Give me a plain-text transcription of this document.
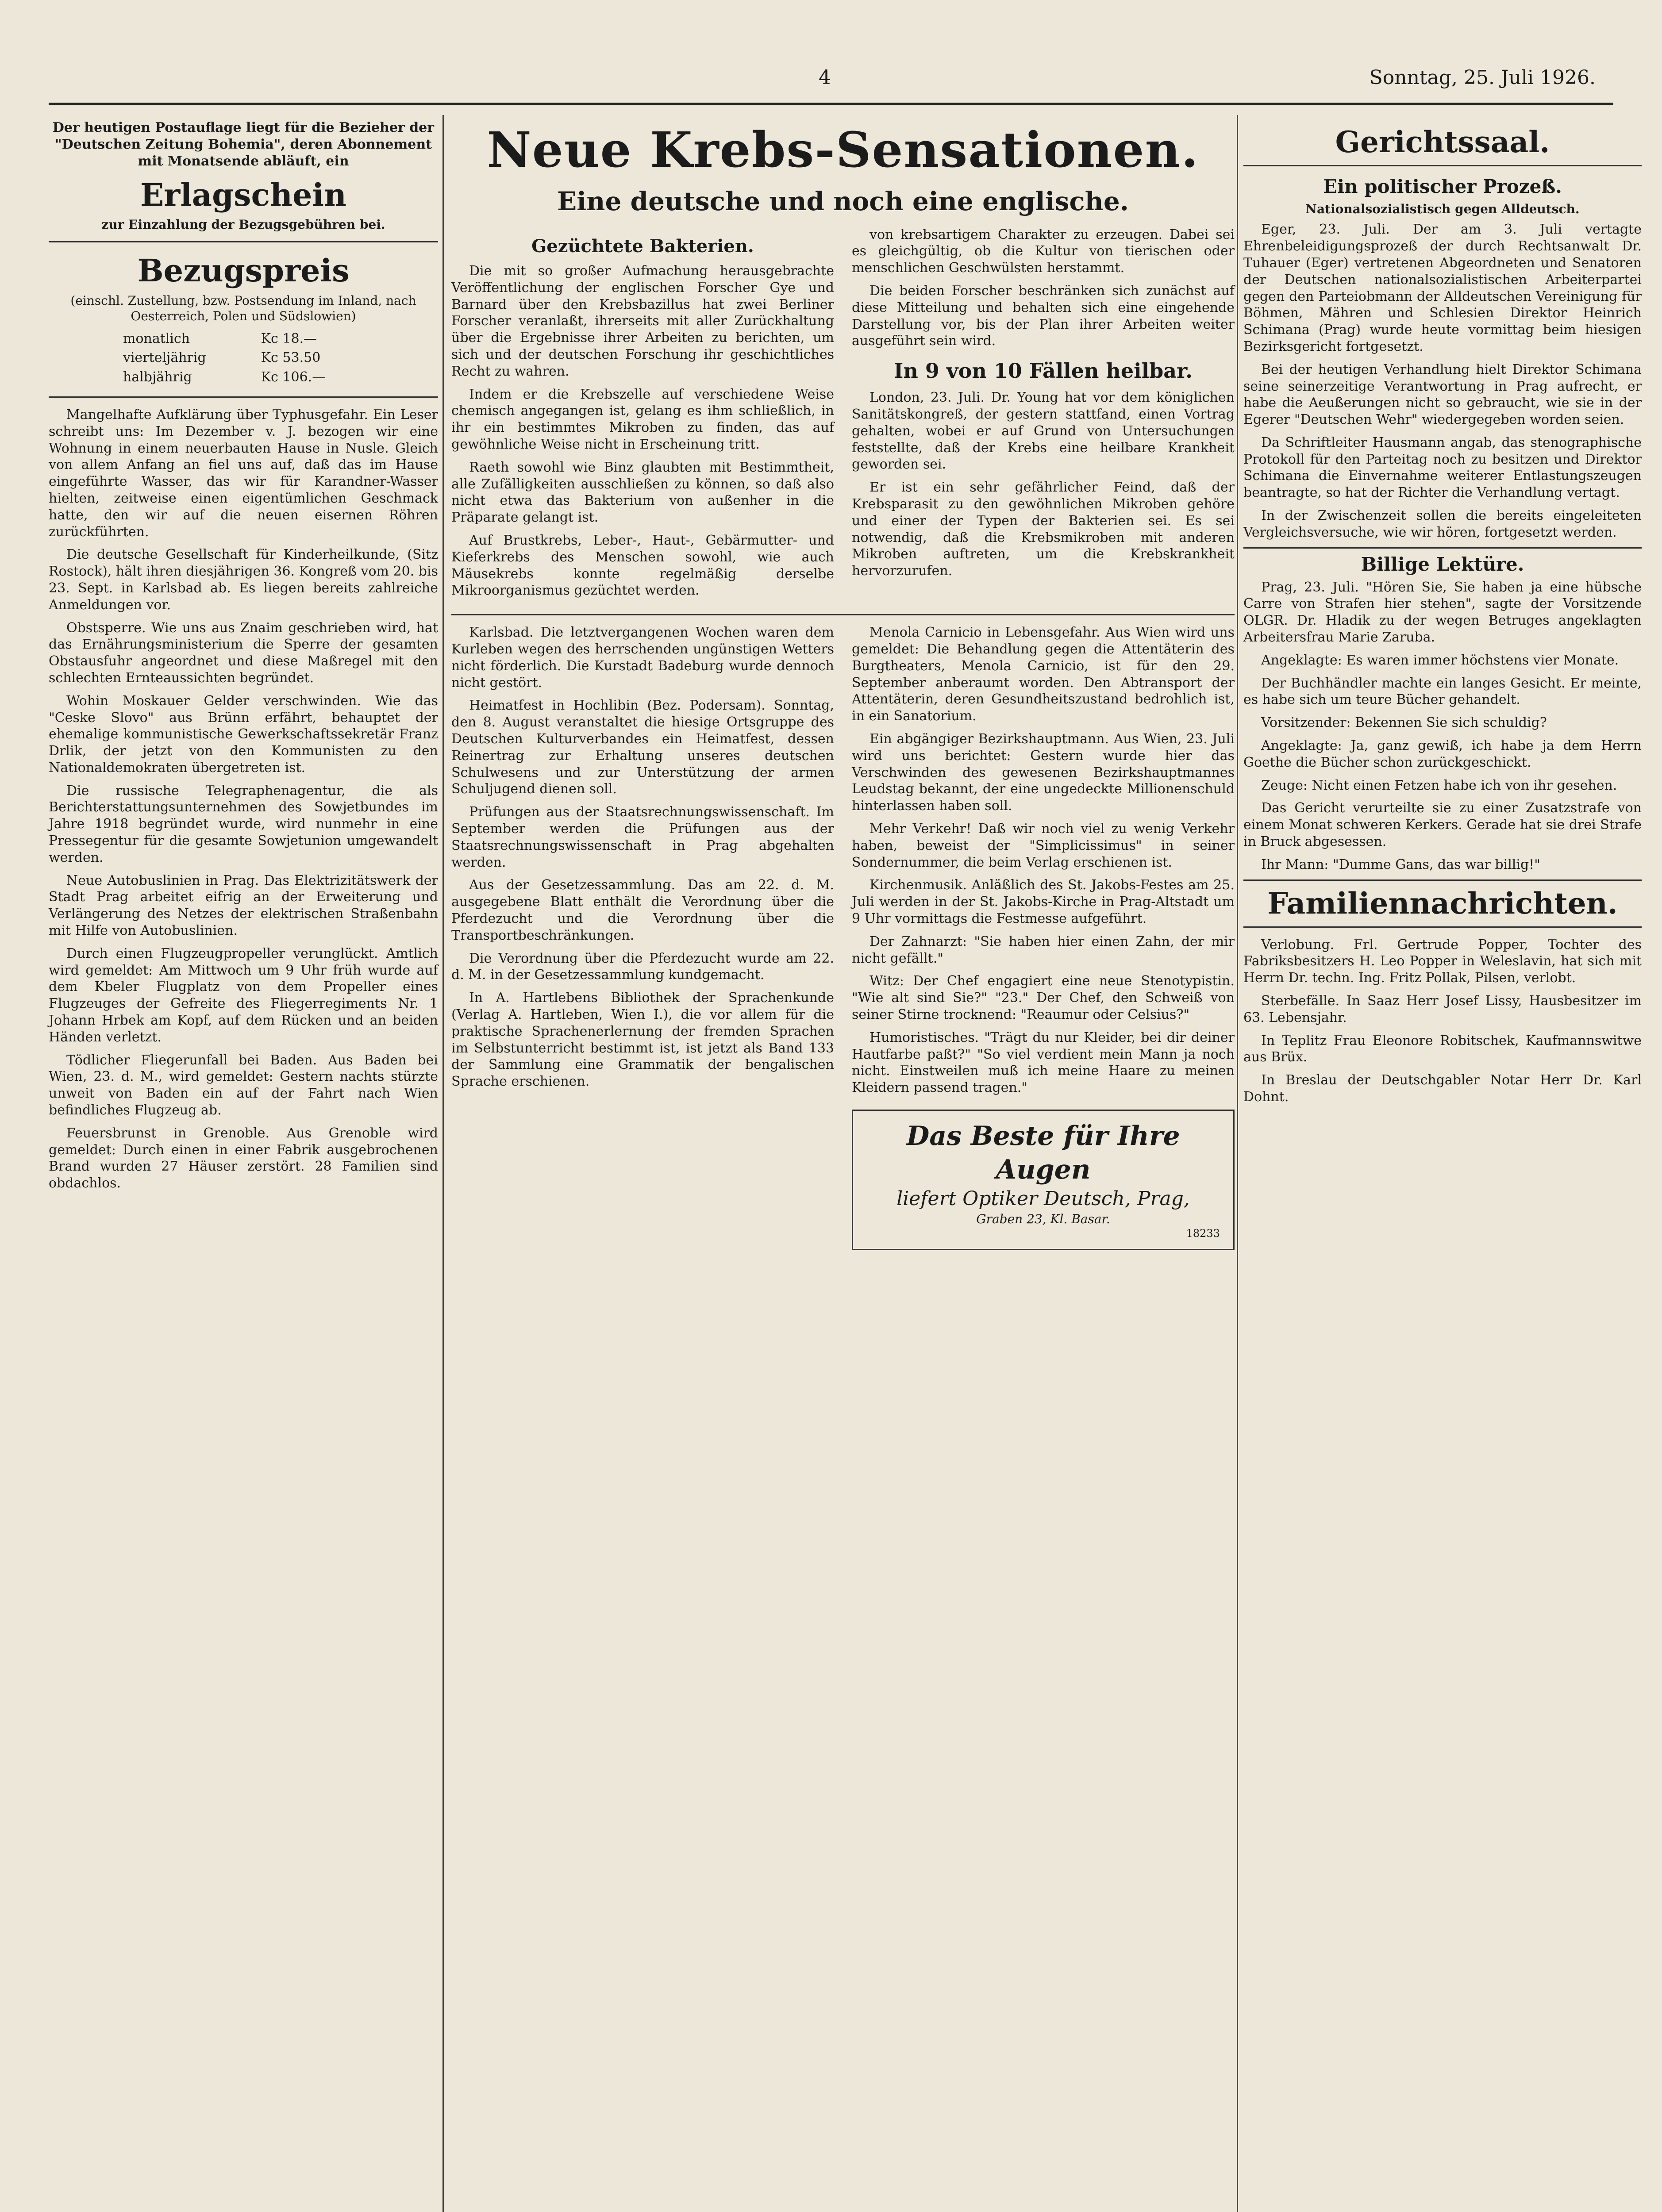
4	Sonntag, 25. Juli 1926.
Der heutigen Postauflage liegt für die Bezieher der "Deutschen Zeitung Bohemia", deren Abonnement mit Monatsende abläuft, ein
Erlagschein
zur Einzahlung der Bezugsgebühren bei.
Bezugspreis
(einschl. Zustellung, bzw. Postsendung im Inland, nach Oesterreich, Polen und Südslowien)
monatlich	Kc 18.—
vierteljährig	Kc 53.50
halbjährig	Kc 106.—

Mangelhafte Aufklärung über Typhusgefahr. Ein Leser schreibt uns: Im Dezember v. J. bezogen wir eine Wohnung in einem neuerbauten Hause in Nusle. Gleich von allem Anfang an fiel uns auf, daß das im Hause eingeführte Wasser, das wir für Karandner-Wasser hielten, zeitweise einen eigentümlichen Geschmack hatte, den wir auf die neuen eisernen Röhren zurückführten.

Die deutsche Gesellschaft für Kinderheilkunde, (Sitz Rostock), hält ihren diesjährigen 36. Kongreß vom 20. bis 23. Sept. in Karlsbad ab. Es liegen bereits zahlreiche Anmeldungen vor.

Obstsperre. Wie uns aus Znaim geschrieben wird, hat das Ernährungsministerium die Sperre der gesamten Obstausfuhr angeordnet und diese Maßregel mit den schlechten Ernteaussichten begründet.

Wohin Moskauer Gelder verschwinden. Wie das "Ceske Slovo" aus Brünn erfährt, behauptet der ehemalige kommunistische Gewerkschaftssekretär Franz Drlik, der jetzt von den Kommunisten zu den Nationaldemokraten übergetreten ist.

Die russische Telegraphenagentur, die als Berichterstattungsunternehmen des Sowjetbundes im Jahre 1918 begründet wurde, wird nunmehr in eine Pressegentur für die gesamte Sowjetunion umgewandelt werden.

Neue Autobuslinien in Prag. Das Elektrizitätswerk der Stadt Prag arbeitet eifrig an der Erweiterung und Verlängerung des Netzes der elektrischen Straßenbahn mit Hilfe von Autobuslinien.

Durch einen Flugzeugpropeller verunglückt. Amtlich wird gemeldet: Am Mittwoch um 9 Uhr früh wurde auf dem Kbeler Flugplatz von dem Propeller eines Flugzeuges der Gefreite des Fliegerregiments Nr. 1 Johann Hrbek am Kopf, auf dem Rücken und an beiden Händen verletzt.

Tödlicher Fliegerunfall bei Baden. Aus Baden bei Wien, 23. d. M., wird gemeldet: Gestern nachts stürzte unweit von Baden ein auf der Fahrt nach Wien befindliches Flugzeug ab.

Feuersbrunst in Grenoble. Aus Grenoble wird gemeldet: Durch einen in einer Fabrik ausgebrochenen Brand wurden 27 Häuser zerstört. 28 Familien sind obdachlos.

Neue Krebs-Sensationen.
Eine deutsche und noch eine englische.
Gezüchtete Bakterien.

Die mit so großer Aufmachung herausgebrachte Veröffentlichung der englischen Forscher Gye und Barnard über den Krebsbazillus hat zwei Berliner Forscher veranlaßt, ihrerseits mit aller Zurückhaltung über die Ergebnisse ihrer Arbeiten zu berichten, um sich und der deutschen Forschung ihr geschichtliches Recht zu wahren.

Indem er die Krebszelle auf verschiedene Weise chemisch angegangen ist, gelang es ihm schließlich, in ihr ein bestimmtes Mikroben zu finden, das auf gewöhnliche Weise nicht in Erscheinung tritt.

Raeth sowohl wie Binz glaubten mit Bestimmtheit, alle Zufälligkeiten ausschließen zu können, so daß also nicht etwa das Bakterium von außenher in die Präparate gelangt ist.

Auf Brustkrebs, Leber-, Haut-, Gebärmutter- und Kieferkrebs des Menschen sowohl, wie auch Mäusekrebs konnte regelmäßig derselbe Mikroorganismus gezüchtet werden.

von krebsartigem Charakter zu erzeugen. Dabei sei es gleichgültig, ob die Kultur von tierischen oder menschlichen Geschwülsten herstammt.

Die beiden Forscher beschränken sich zunächst auf diese Mitteilung und behalten sich eine eingehende Darstellung vor, bis der Plan ihrer Arbeiten weiter ausgeführt sein wird.

In 9 von 10 Fällen heilbar.

London, 23. Juli. Dr. Young hat vor dem königlichen Sanitätskongreß, der gestern stattfand, einen Vortrag gehalten, wobei er auf Grund von Untersuchungen feststellte, daß der Krebs eine heilbare Krankheit geworden sei.

Er ist ein sehr gefährlicher Feind, daß der Krebsparasit zu den gewöhnlichen Mikroben gehöre und einer der Typen der Bakterien sei. Es sei notwendig, daß die Krebsmikroben mit anderen Mikroben auftreten, um die Krebskrankheit hervorzurufen.

Karlsbad. Die letztvergangenen Wochen waren dem Kurleben wegen des herrschenden ungünstigen Wetters nicht förderlich. Die Kurstadt Badeburg wurde dennoch nicht gestört.

Heimatfest in Hochlibin (Bez. Podersam). Sonntag, den 8. August veranstaltet die hiesige Ortsgruppe des Deutschen Kulturverbandes ein Heimatfest, dessen Reinertrag zur Erhaltung unseres deutschen Schulwesens und zur Unterstützung der armen Schuljugend dienen soll.

Prüfungen aus der Staatsrechnungswissenschaft. Im September werden die Prüfungen aus der Staatsrechnungswissenschaft in Prag abgehalten werden.

Aus der Gesetzessammlung. Das am 22. d. M. ausgegebene Blatt enthält die Verordnung über die Pferdezucht und die Verordnung über die Transportbeschränkungen.

Die Verordnung über die Pferdezucht wurde am 22. d. M. in der Gesetzessammlung kundgemacht.

In A. Hartlebens Bibliothek der Sprachenkunde (Verlag A. Hartleben, Wien I.), die vor allem für die praktische Sprachenerlernung der fremden Sprachen im Selbstunterricht bestimmt ist, ist jetzt als Band 133 der Sammlung eine Grammatik der bengalischen Sprache erschienen.

Menola Carnicio in Lebensgefahr. Aus Wien wird uns gemeldet: Die Behandlung gegen die Attentäterin des Burgtheaters, Menola Carnicio, ist für den 29. September anberaumt worden. Den Abtransport der Attentäterin, deren Gesundheitszustand bedrohlich ist, in ein Sanatorium.

Ein abgängiger Bezirkshauptmann. Aus Wien, 23. Juli wird uns berichtet: Gestern wurde hier das Verschwinden des gewesenen Bezirkshauptmannes Leudstag bekannt, der eine ungedeckte Millionenschuld hinterlassen haben soll.

Mehr Verkehr! Daß wir noch viel zu wenig Verkehr haben, beweist der "Simplicissimus" in seiner Sondernummer, die beim Verlag erschienen ist.

Kirchenmusik. Anläßlich des St. Jakobs-Festes am 25. Juli werden in der St. Jakobs-Kirche in Prag-Altstadt um 9 Uhr vormittags die Festmesse aufgeführt.

Der Zahnarzt: "Sie haben hier einen Zahn, der mir nicht gefällt."

Witz: Der Chef engagiert eine neue Stenotypistin. "Wie alt sind Sie?" "23." Der Chef, den Schweiß von seiner Stirne trocknend: "Reaumur oder Celsius?"

Humoristisches. "Trägt du nur Kleider, bei dir deiner Hautfarbe paßt?" "So viel verdient mein Mann ja noch nicht. Einstweilen muß ich meine Haare zu meinen Kleidern passend tragen."

Das Beste für Ihre Augen
liefert Optiker Deutsch, Prag,
Graben 23, Kl. Basar.
18233
Gerichtssaal.
Ein politischer Prozeß.
Nationalsozialistisch gegen Alldeutsch.

Eger, 23. Juli. Der am 3. Juli vertagte Ehrenbeleidigungsprozeß der durch Rechtsanwalt Dr. Tuhauer (Eger) vertretenen Abgeordneten und Senatoren der Deutschen nationalsozialistischen Arbeiterpartei gegen den Parteiobmann der Alldeutschen Vereinigung für Böhmen, Mähren und Schlesien Direktor Heinrich Schimana (Prag) wurde heute vormittag beim hiesigen Bezirksgericht fortgesetzt.

Bei der heutigen Verhandlung hielt Direktor Schimana seine seinerzeitige Verantwortung in Prag aufrecht, er habe die Aeußerungen nicht so gebraucht, wie sie in der Egerer "Deutschen Wehr" wiedergegeben worden seien.

Da Schriftleiter Hausmann angab, das stenographische Protokoll für den Parteitag noch zu besitzen und Direktor Schimana die Einvernahme weiterer Entlastungszeugen beantragte, so hat der Richter die Verhandlung vertagt.

In der Zwischenzeit sollen die bereits eingeleiteten Vergleichsversuche, wie wir hören, fortgesetzt werden.

Billige Lektüre.

Prag, 23. Juli. "Hören Sie, Sie haben ja eine hübsche Carre von Strafen hier stehen", sagte der Vorsitzende OLGR. Dr. Hladik zu der wegen Betruges angeklagten Arbeitersfrau Marie Zaruba.

Angeklagte: Es waren immer höchstens vier Monate.

Der Buchhändler machte ein langes Gesicht. Er meinte, es habe sich um teure Bücher gehandelt.

Vorsitzender: Bekennen Sie sich schuldig?

Angeklagte: Ja, ganz gewiß, ich habe ja dem Herrn Goethe die Bücher schon zurückgeschickt.

Zeuge: Nicht einen Fetzen habe ich von ihr gesehen.

Das Gericht verurteilte sie zu einer Zusatzstrafe von einem Monat schweren Kerkers. Gerade hat sie drei Strafe in Bruck abgesessen.

Ihr Mann: "Dumme Gans, das war billig!"

Familiennachrichten.

Verlobung. Frl. Gertrude Popper, Tochter des Fabriksbesitzers H. Leo Popper in Weleslavin, hat sich mit Herrn Dr. techn. Ing. Fritz Pollak, Pilsen, verlobt.

Sterbefälle. In Saaz Herr Josef Lissy, Hausbesitzer im 63. Lebensjahr.

In Teplitz Frau Eleonore Robitschek, Kaufmannswitwe aus Brüx.

In Breslau der Deutschgabler Notar Herr Dr. Karl Dohnt.
